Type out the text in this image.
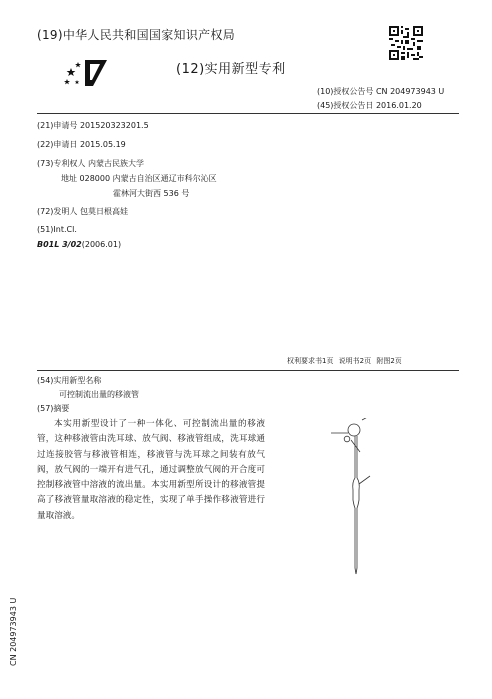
(19)中华人民共和国国家知识产权局
(12)实用新型专利
(10)授权公告号 CN 204973943 U
(45)授权公告日 2016.01.20
(21)申请号 201520323201.5
(22)申请日 2015.05.19
(73)专利权人 内蒙古民族大学
地址 028000 内蒙古自治区通辽市科尔沁区
霍林河大街西 536 号
(72)发明人 包莫日根高娃
(51)Int.Cl.
B01L 3/02(2006.01)
权利要求书1页 说明书2页 附图2页
(54)实用新型名称
可控制流出量的移液管
(57)摘要
本实用新型设计了一种一体化、可控制流出量的移液管，这种移液管由洗耳球、放气阀、移液管组成，洗耳球通过连接胶管与移液管相连，移液管与洗耳球之间装有放气阀，放气阀的一端开有进气孔，通过调整放气阀的开合度可控制移液管中溶液的流出量。本实用新型所设计的移液管提高了移液管量取溶液的稳定性，实现了单手操作移液管进行量取溶液。
CN 204973943 U
